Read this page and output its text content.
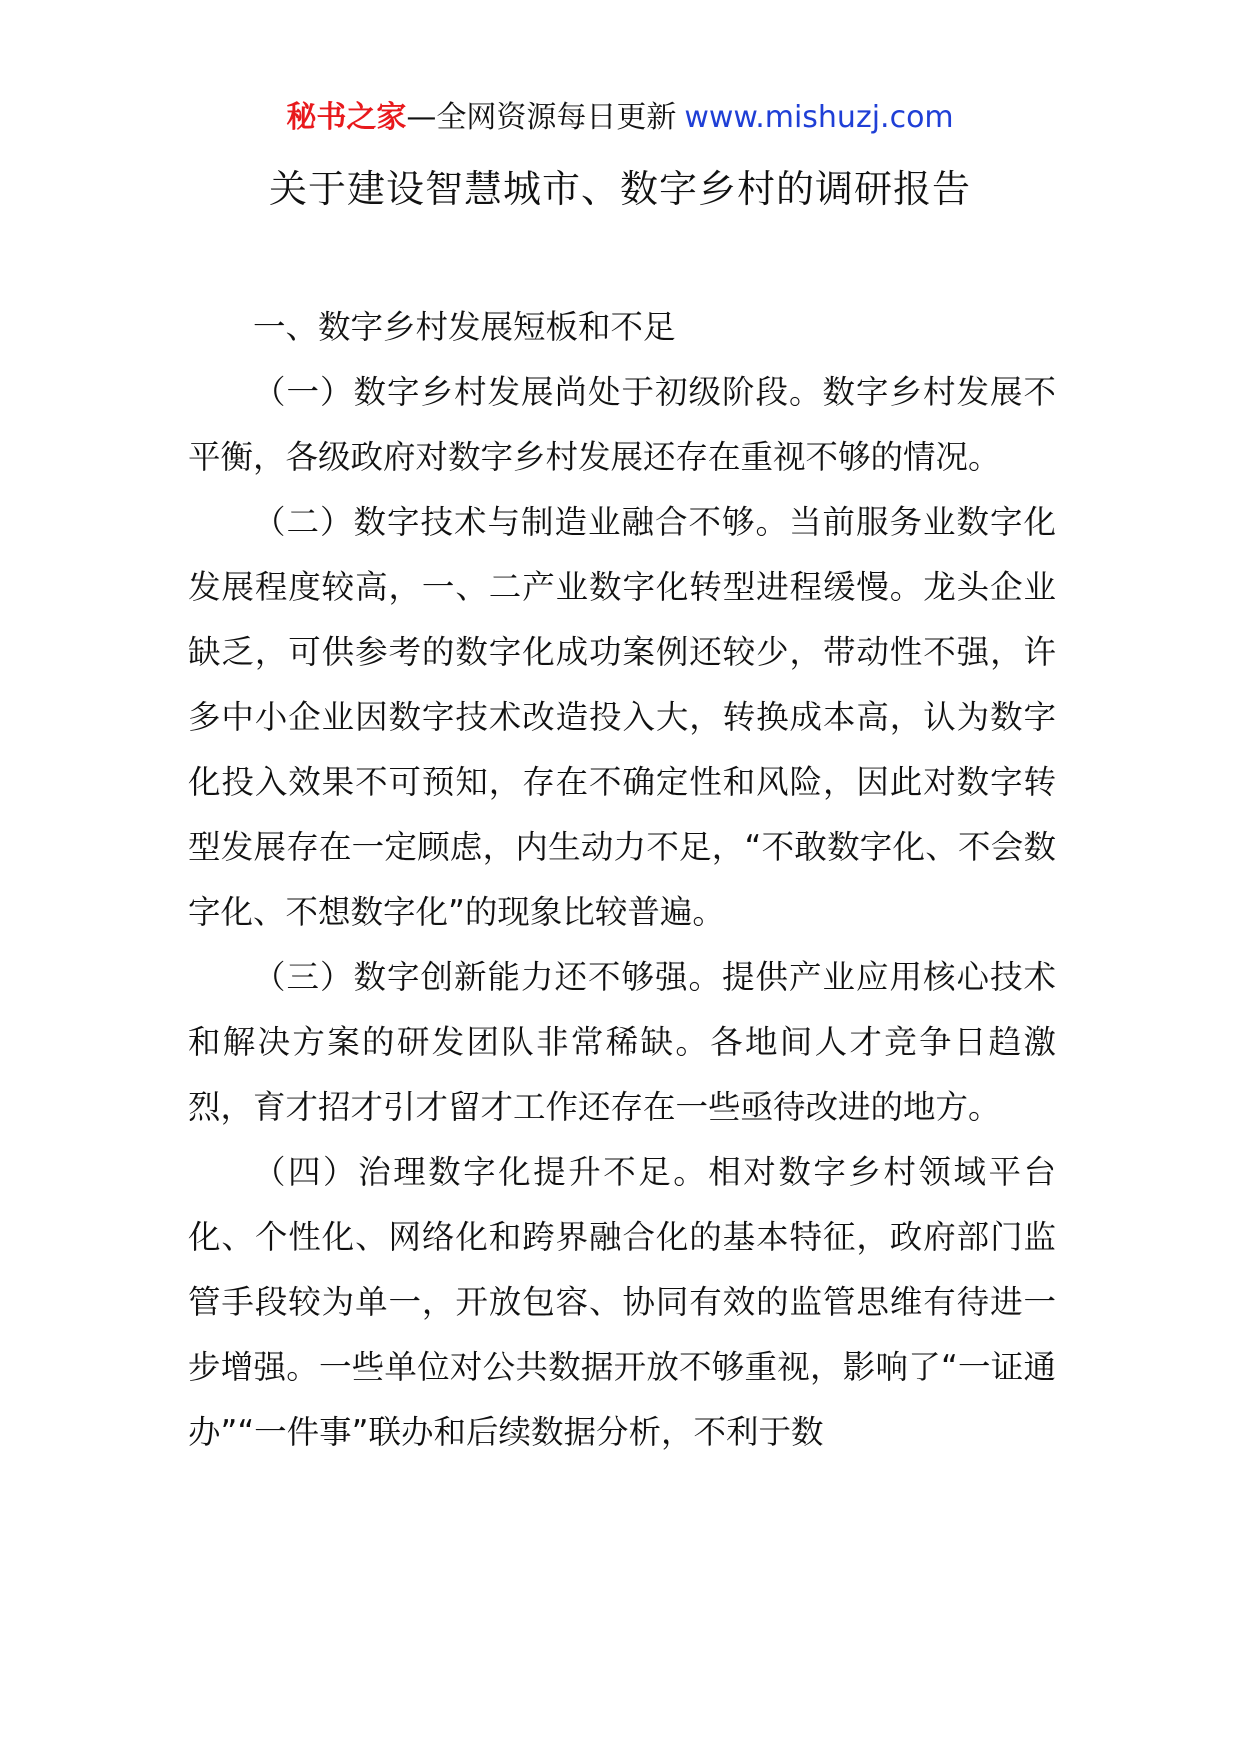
秘书之家—全网资源每日更新 www.mishuzj.com
关于建设智慧城市、数字乡村的调研报告

一、数字乡村发展短板和不足

（一）数字乡村发展尚处于初级阶段。数字乡村发展不平衡，各级政府对数字乡村发展还存在重视不够的情况。

（二）数字技术与制造业融合不够。当前服务业数字化发展程度较高，一、二产业数字化转型进程缓慢。龙头企业缺乏，可供参考的数字化成功案例还较少，带动性不强，许多中小企业因数字技术改造投入大，转换成本高，认为数字化投入效果不可预知，存在不确定性和风险，因此对数字转型发展存在一定顾虑，内生动力不足，“不敢数字化、不会数字化、不想数字化”的现象比较普遍。

（三）数字创新能力还不够强。提供产业应用核心技术和解决方案的研发团队非常稀缺。各地间人才竞争日趋激烈，育才招才引才留才工作还存在一些亟待改进的地方。

（四）治理数字化提升不足。相对数字乡村领域平台化、个性化、网络化和跨界融合化的基本特征，政府部门监管手段较为单一，开放包容、协同有效的监管思维有待进一步增强。一些单位对公共数据开放不够重视，影响了“一证通办”“一件事”联办和后续数据分析，不利于数
